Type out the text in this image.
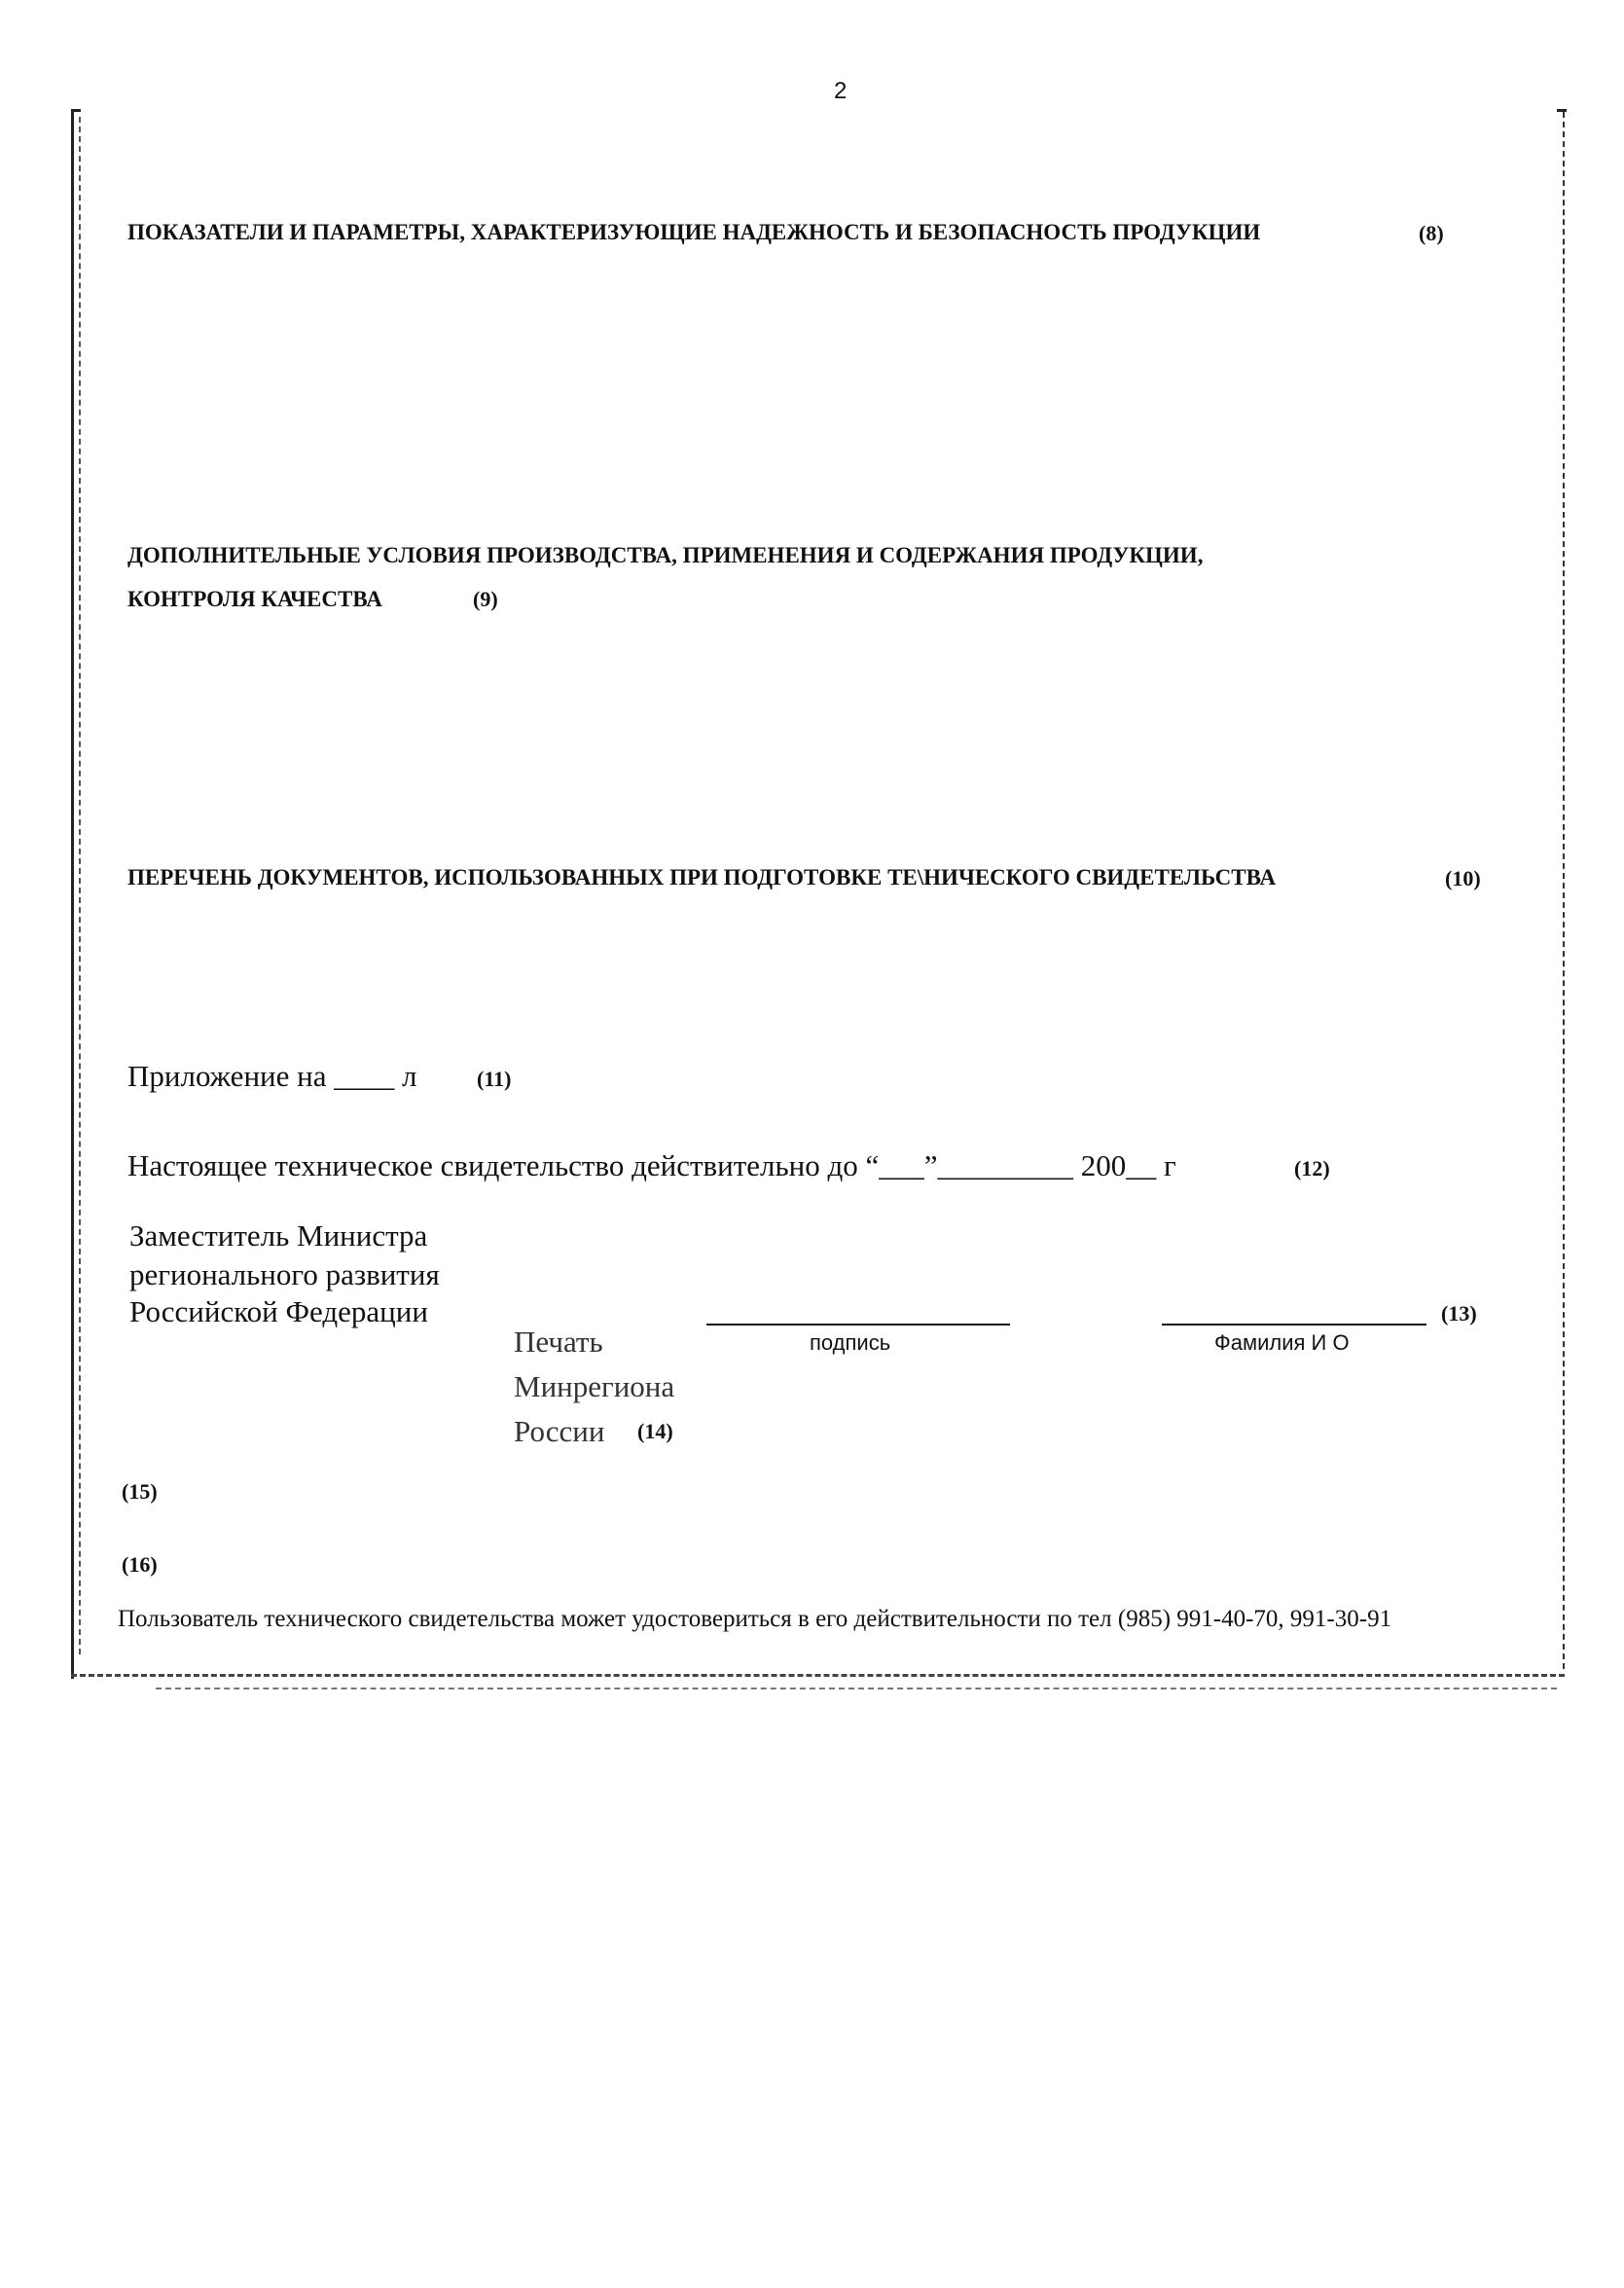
2
ПОКАЗАТЕЛИ И ПАРАМЕТРЫ, ХАРАКТЕРИЗУЮЩИЕ НАДЕЖНОСТЬ И БЕЗОПАСНОСТЬ ПРОДУКЦИИ	(8)
ДОПОЛНИТЕЛЬНЫЕ УСЛОВИЯ ПРОИЗВОДСТВА, ПРИМЕНЕНИЯ И СОДЕРЖАНИЯ ПРОДУКЦИИ,
КОНТРОЛЯ КАЧЕСТВА	(9)
ПЕРЕЧЕНЬ ДОКУМЕНТОВ, ИСПОЛЬЗОВАННЫХ ПРИ ПОДГОТОВКЕ ТЕ\НИЧЕСКОГО СВИДЕТЕЛЬСТВА	(10)
Приложение на ____ л	(11)
Настоящее техническое свидетельство действительно до “___”_________ 200__ г	(12)
Заместитель Министра
регионального развития
Российской Федерации
подпись	Фамилия И О
(13)
Печать
Минрегиона
России (14)
(15)
(16)
Пользователь технического свидетельства может удостовериться в его действительности по тел (985) 991-40-70, 991-30-91
